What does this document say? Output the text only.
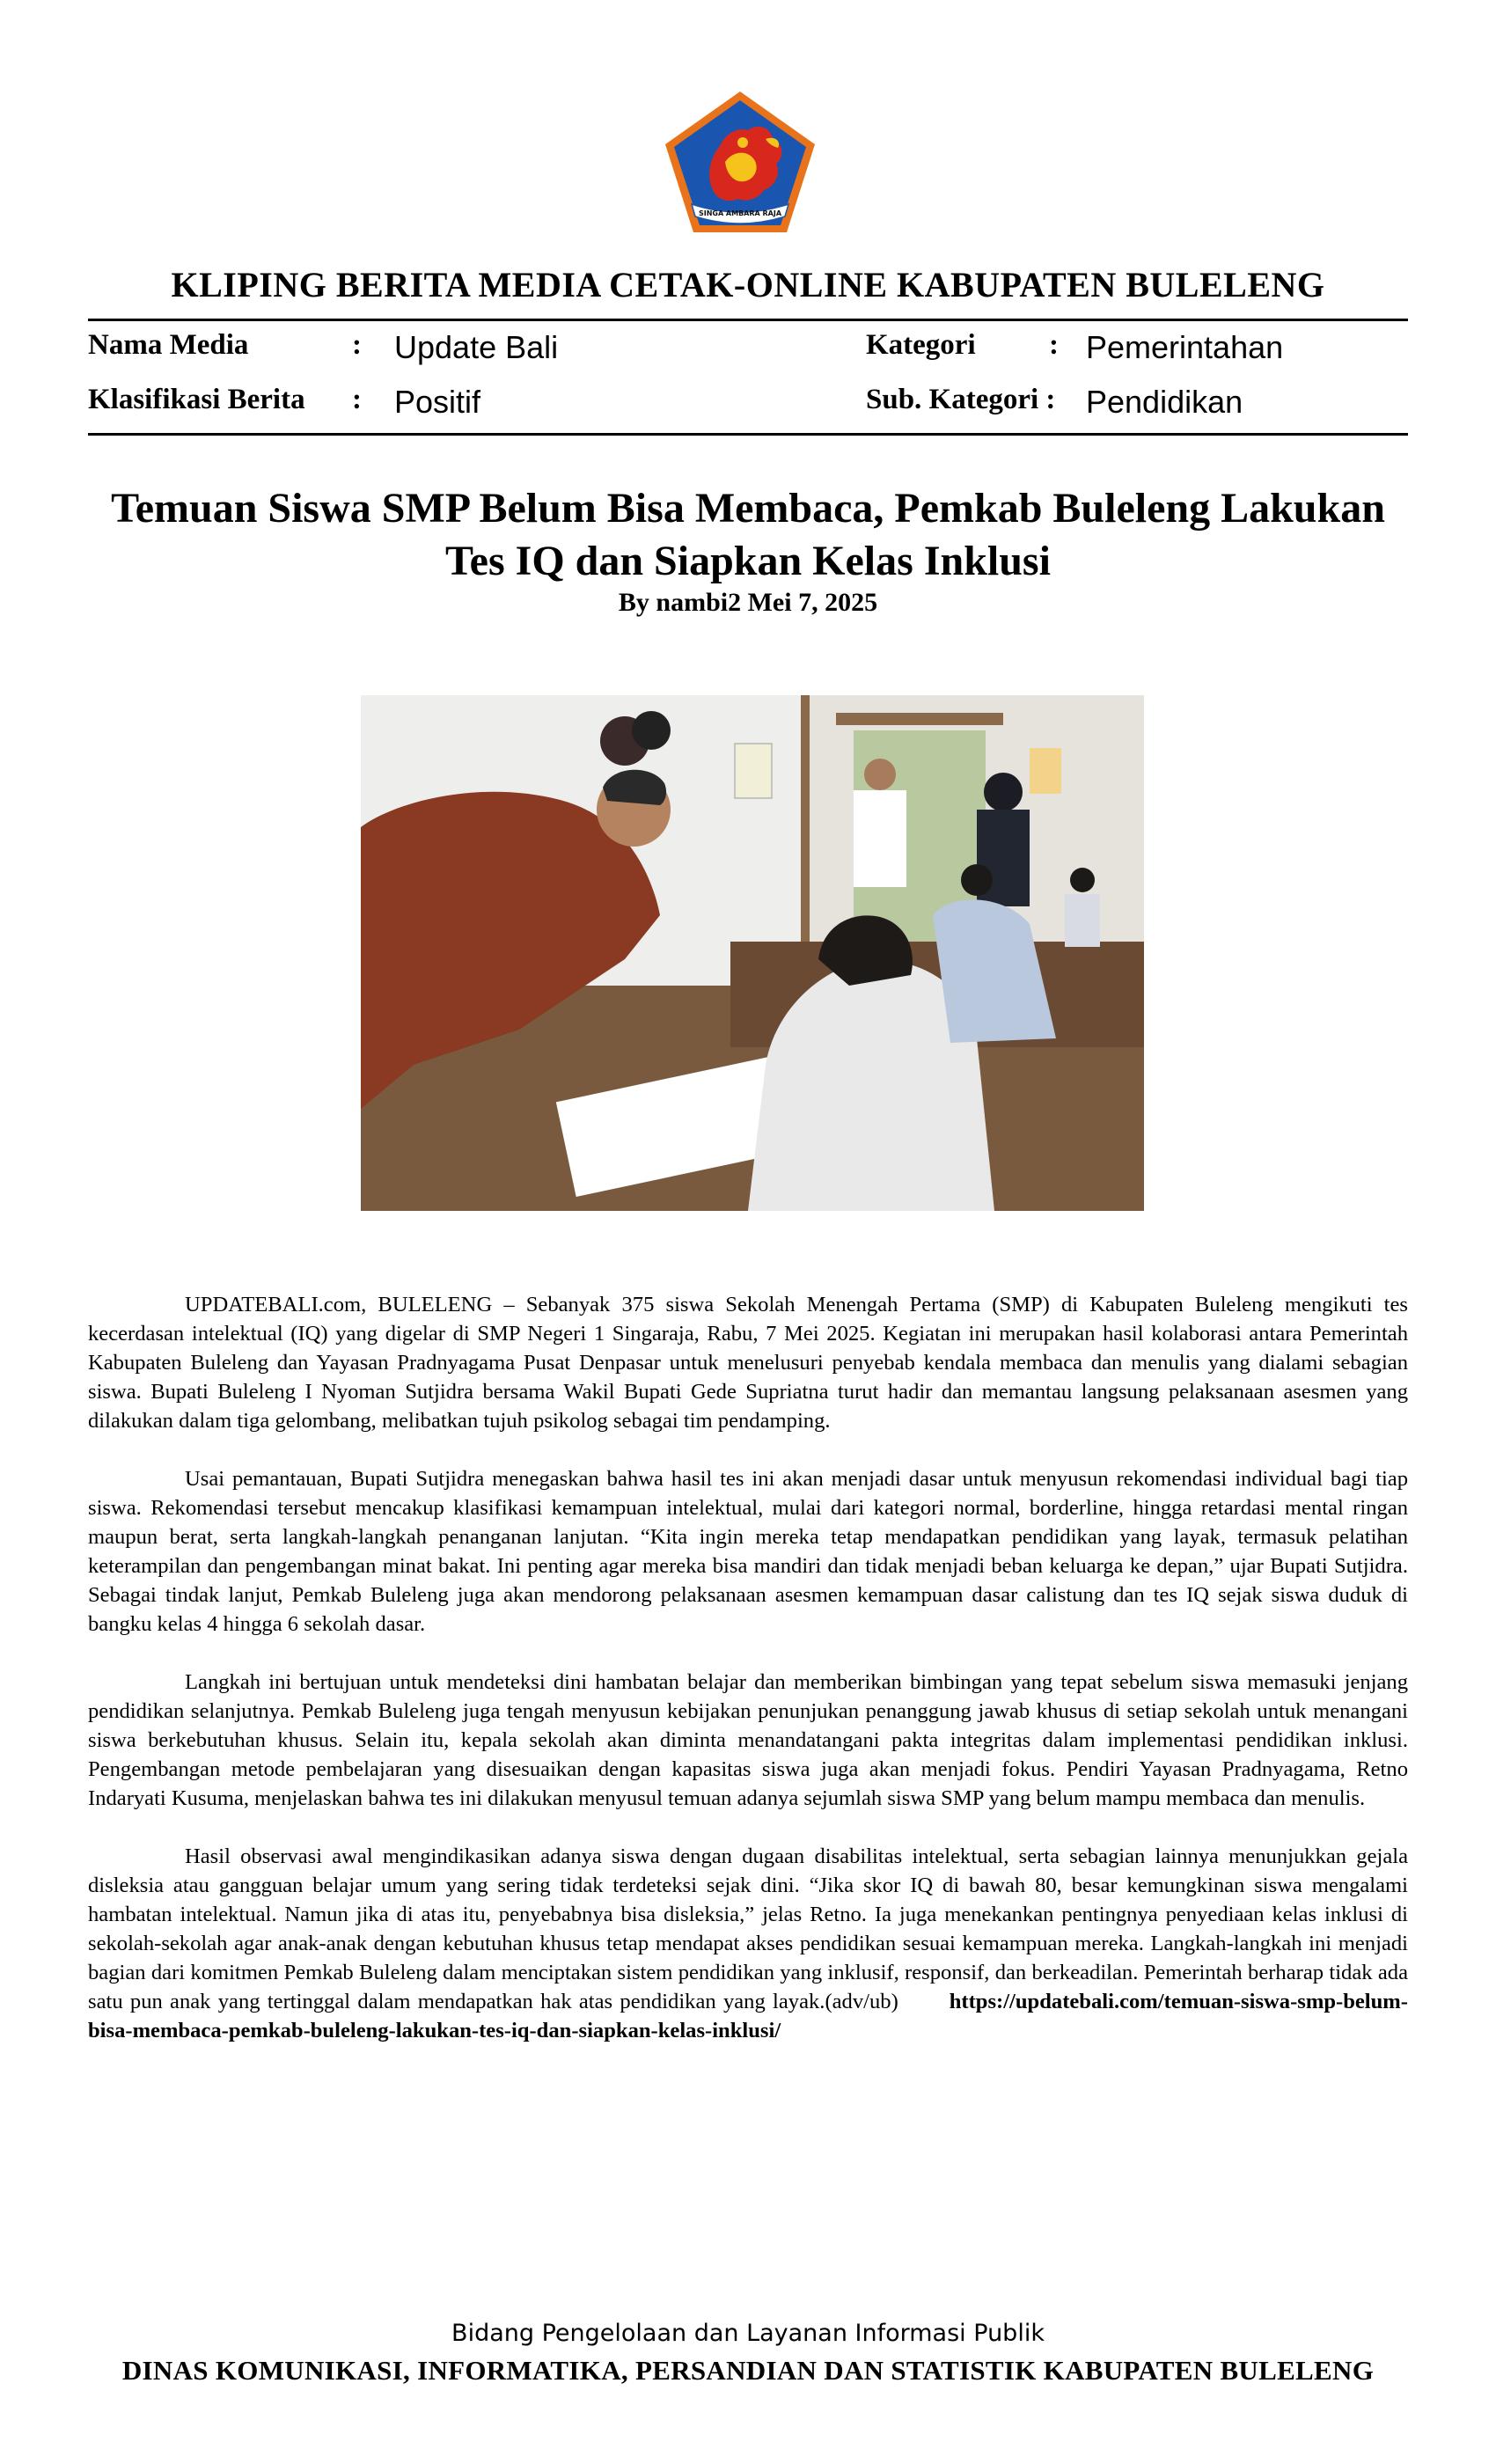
SINGA AMBARA RAJA
KLIPING BERITA MEDIA CETAK-ONLINE KABUPATEN BULELENG
Nama Media	: Update Bali
Klasifikasi Berita : Positif
Kategori	: Pemerintahan
Sub. Kategori : Pendidikan
Temuan Siswa SMP Belum Bisa Membaca, Pemkab Buleleng Lakukan Tes IQ dan Siapkan Kelas Inklusi
By nambi2 Mei 7, 2025

UPDATEBALI.com, BULELENG – Sebanyak 375 siswa Sekolah Menengah Pertama (SMP) di Kabupaten Buleleng mengikuti tes kecerdasan intelektual (IQ) yang digelar di SMP Negeri 1 Singaraja, Rabu, 7 Mei 2025. Kegiatan ini merupakan hasil kolaborasi antara Pemerintah Kabupaten Buleleng dan Yayasan Pradnyagama Pusat Denpasar untuk menelusuri penyebab kendala membaca dan menulis yang dialami sebagian siswa. Bupati Buleleng I Nyoman Sutjidra bersama Wakil Bupati Gede Supriatna turut hadir dan memantau langsung pelaksanaan asesmen yang dilakukan dalam tiga gelombang, melibatkan tujuh psikolog sebagai tim pendamping.

Usai pemantauan, Bupati Sutjidra menegaskan bahwa hasil tes ini akan menjadi dasar untuk menyusun rekomendasi individual bagi tiap siswa. Rekomendasi tersebut mencakup klasifikasi kemampuan intelektual, mulai dari kategori normal, borderline, hingga retardasi mental ringan maupun berat, serta langkah-langkah penanganan lanjutan. “Kita ingin mereka tetap mendapatkan pendidikan yang layak, termasuk pelatihan keterampilan dan pengembangan minat bakat. Ini penting agar mereka bisa mandiri dan tidak menjadi beban keluarga ke depan,” ujar Bupati Sutjidra. Sebagai tindak lanjut, Pemkab Buleleng juga akan mendorong pelaksanaan asesmen kemampuan dasar calistung dan tes IQ sejak siswa duduk di bangku kelas 4 hingga 6 sekolah dasar.

Langkah ini bertujuan untuk mendeteksi dini hambatan belajar dan memberikan bimbingan yang tepat sebelum siswa memasuki jenjang pendidikan selanjutnya. Pemkab Buleleng juga tengah menyusun kebijakan penunjukan penanggung jawab khusus di setiap sekolah untuk menangani siswa berkebutuhan khusus. Selain itu, kepala sekolah akan diminta menandatangani pakta integritas dalam implementasi pendidikan inklusi. Pengembangan metode pembelajaran yang disesuaikan dengan kapasitas siswa juga akan menjadi fokus. Pendiri Yayasan Pradnyagama, Retno Indaryati Kusuma, menjelaskan bahwa tes ini dilakukan menyusul temuan adanya sejumlah siswa SMP yang belum mampu membaca dan menulis.

Hasil observasi awal mengindikasikan adanya siswa dengan dugaan disabilitas intelektual, serta sebagian lainnya menunjukkan gejala disleksia atau gangguan belajar umum yang sering tidak terdeteksi sejak dini. “Jika skor IQ di bawah 80, besar kemungkinan siswa mengalami hambatan intelektual. Namun jika di atas itu, penyebabnya bisa disleksia,” jelas Retno. Ia juga menekankan pentingnya penyediaan kelas inklusi di sekolah-sekolah agar anak-anak dengan kebutuhan khusus tetap mendapat akses pendidikan sesuai kemampuan mereka. Langkah-langkah ini menjadi bagian dari komitmen Pemkab Buleleng dalam menciptakan sistem pendidikan yang inklusif, responsif, dan berkeadilan. Pemerintah berharap tidak ada satu pun anak yang tertinggal dalam mendapatkan hak atas pendidikan yang layak.(adv/ub) https://updatebali.com/temuan-siswa-smp-belum-bisa-membaca-pemkab-buleleng-lakukan-tes-iq-dan-siapkan-kelas-inklusi/

Bidang Pengelolaan dan Layanan Informasi Publik
DINAS KOMUNIKASI, INFORMATIKA, PERSANDIAN DAN STATISTIK KABUPATEN BULELENG
